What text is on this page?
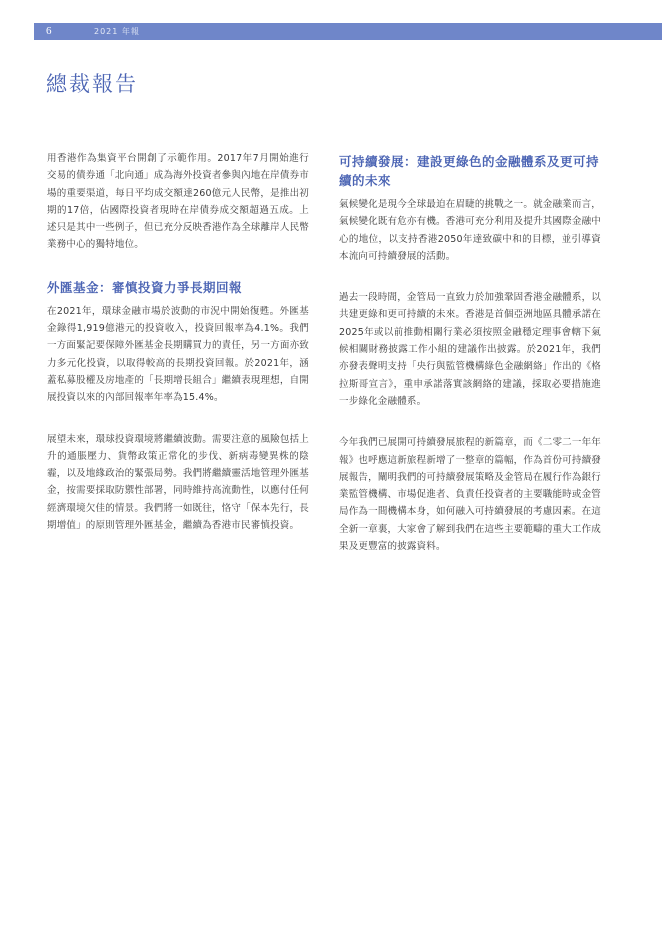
6	2021 年報
總裁報告

用香港作為集資平台開創了示範作用。2017年7月開始進行交易的債券通「北向通」成為海外投資者參與內地在岸債券市場的重要渠道，每日平均成交額達260億元人民幣，是推出初期的17倍，佔國際投資者現時在岸債券成交額超過五成。上述只是其中一些例子，但已充分反映香港作為全球離岸人民幣業務中心的獨特地位。

外匯基金：審慎投資力爭長期回報

在2021年，環球金融市場於波動的市況中開始復甦。外匯基金錄得1,919億港元的投資收入，投資回報率為4.1%。我們一方面緊記要保障外匯基金長期購買力的責任，另一方面亦致力多元化投資，以取得較高的長期投資回報。於2021年，涵蓋私募股權及房地產的「長期增長組合」繼續表現理想，自開展投資以來的內部回報率年率為15.4%。

展望未來，環球投資環境將繼續波動。需要注意的風險包括上升的通脹壓力、貨幣政策正常化的步伐、新病毒變異株的陰霾，以及地緣政治的緊張局勢。我們將繼續靈活地管理外匯基金，按需要採取防禦性部署，同時維持高流動性，以應付任何經濟環境欠佳的情景。我們將一如既往，恪守「保本先行，長期增值」的原則管理外匯基金，繼續為香港市民審慎投資。

可持續發展：建設更綠色的金融體系及更可持續的未來

氣候變化是現今全球最迫在眉睫的挑戰之一。就金融業而言，氣候變化既有危亦有機。香港可充分利用及提升其國際金融中心的地位，以支持香港2050年達致碳中和的目標，並引導資本流向可持續發展的活動。

過去一段時間，金管局一直致力於加強鞏固香港金融體系，以共建更綠和更可持續的未來。香港是首個亞洲地區具體承諾在2025年或以前推動相關行業必須按照金融穩定理事會轄下氣候相關財務披露工作小組的建議作出披露。於2021年，我們亦發表聲明支持「央行與監管機構綠色金融網絡」作出的《格拉斯哥宣言》，重申承諾落實該網絡的建議，採取必要措施進一步綠化金融體系。

今年我們已展開可持續發展旅程的新篇章，而《二零二一年年報》也呼應這新旅程新增了一整章的篇幅，作為首份可持續發展報告，闡明我們的可持續發展策略及金管局在履行作為銀行業監管機構、市場促進者、負責任投資者的主要職能時或金管局作為一間機構本身，如何融入可持續發展的考慮因素。在這全新一章裏，大家會了解到我們在這些主要範疇的重大工作成果及更豐富的披露資料。
